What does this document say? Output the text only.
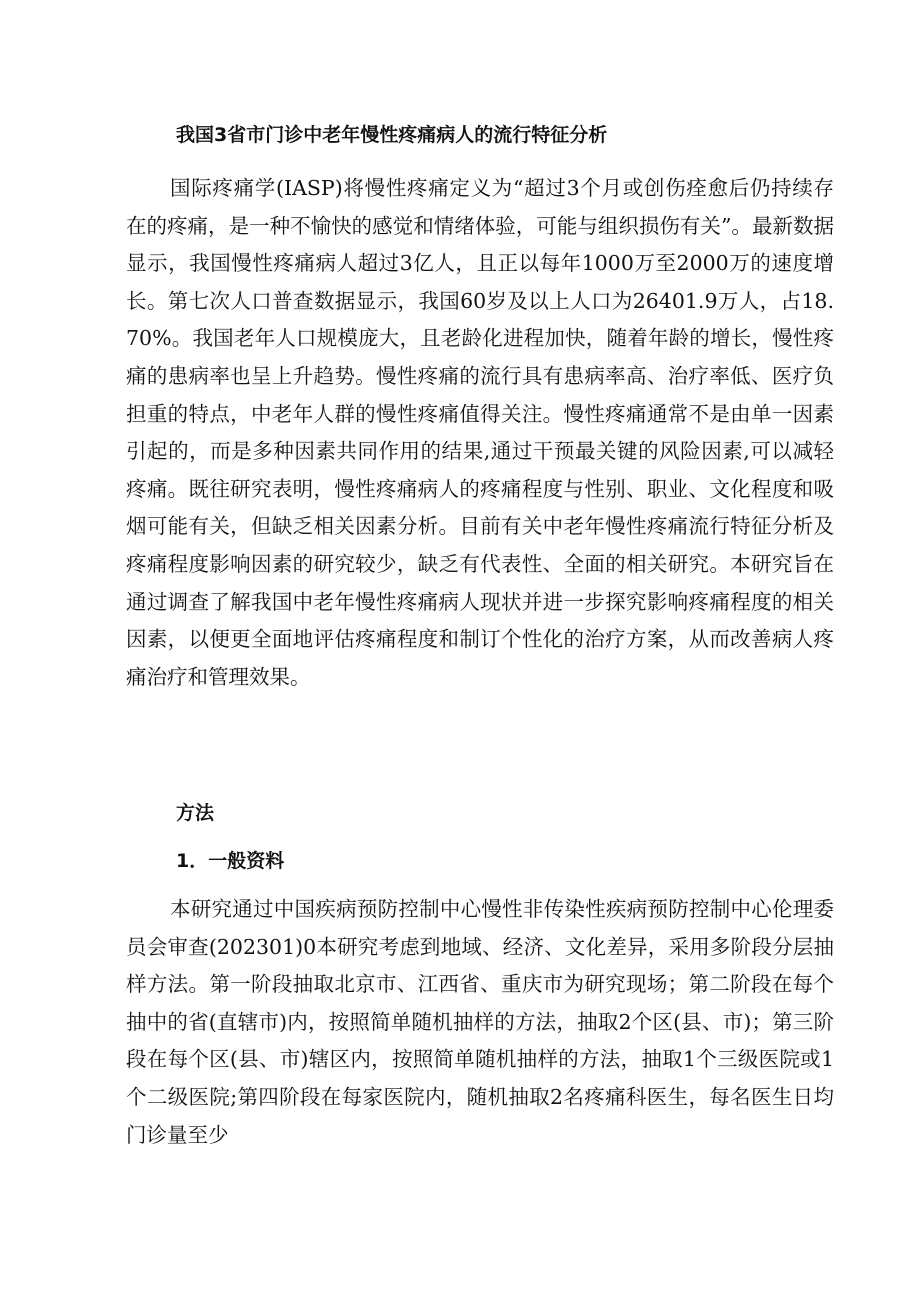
我国3省市门诊中老年慢性疼痛病人的流行特征分析

国际疼痛学(IASP)将慢性疼痛定义为“超过3个月或创伤痊愈后仍持续存在的疼痛，是一种不愉快的感觉和情绪体验，可能与组织损伤有关”。最新数据显示，我国慢性疼痛病人超过3亿人，且正以每年1000万至2000万的速度增长。第七次人口普查数据显示，我国60岁及以上人口为26401.9万人，占18.70%。我国老年人口规模庞大，且老龄化进程加快，随着年龄的增长，慢性疼痛的患病率也呈上升趋势。慢性疼痛的流行具有患病率高、治疗率低、医疗负担重的特点，中老年人群的慢性疼痛值得关注。慢性疼痛通常不是由单一因素引起的，而是多种因素共同作用的结果,通过干预最关键的风险因素,可以减轻疼痛。既往研究表明，慢性疼痛病人的疼痛程度与性别、职业、文化程度和吸烟可能有关，但缺乏相关因素分析。目前有关中老年慢性疼痛流行特征分析及疼痛程度影响因素的研究较少，缺乏有代表性、全面的相关研究。本研究旨在通过调查了解我国中老年慢性疼痛病人现状并进一步探究影响疼痛程度的相关因素，以便更全面地评估疼痛程度和制订个性化的治疗方案，从而改善病人疼痛治疗和管理效果。

方法
1．一般资料

本研究通过中国疾病预防控制中心慢性非传染性疾病预防控制中心伦理委员会审查(202301)0本研究考虑到地域、经济、文化差异，采用多阶段分层抽样方法。第一阶段抽取北京市、江西省、重庆市为研究现场；第二阶段在每个抽中的省(直辖市)内，按照简单随机抽样的方法，抽取2个区(县、市)；第三阶段在每个区(县、市)辖区内，按照简单随机抽样的方法，抽取1个三级医院或1个二级医院;第四阶段在每家医院内，随机抽取2名疼痛科医生，每名医生日均门诊量至少
